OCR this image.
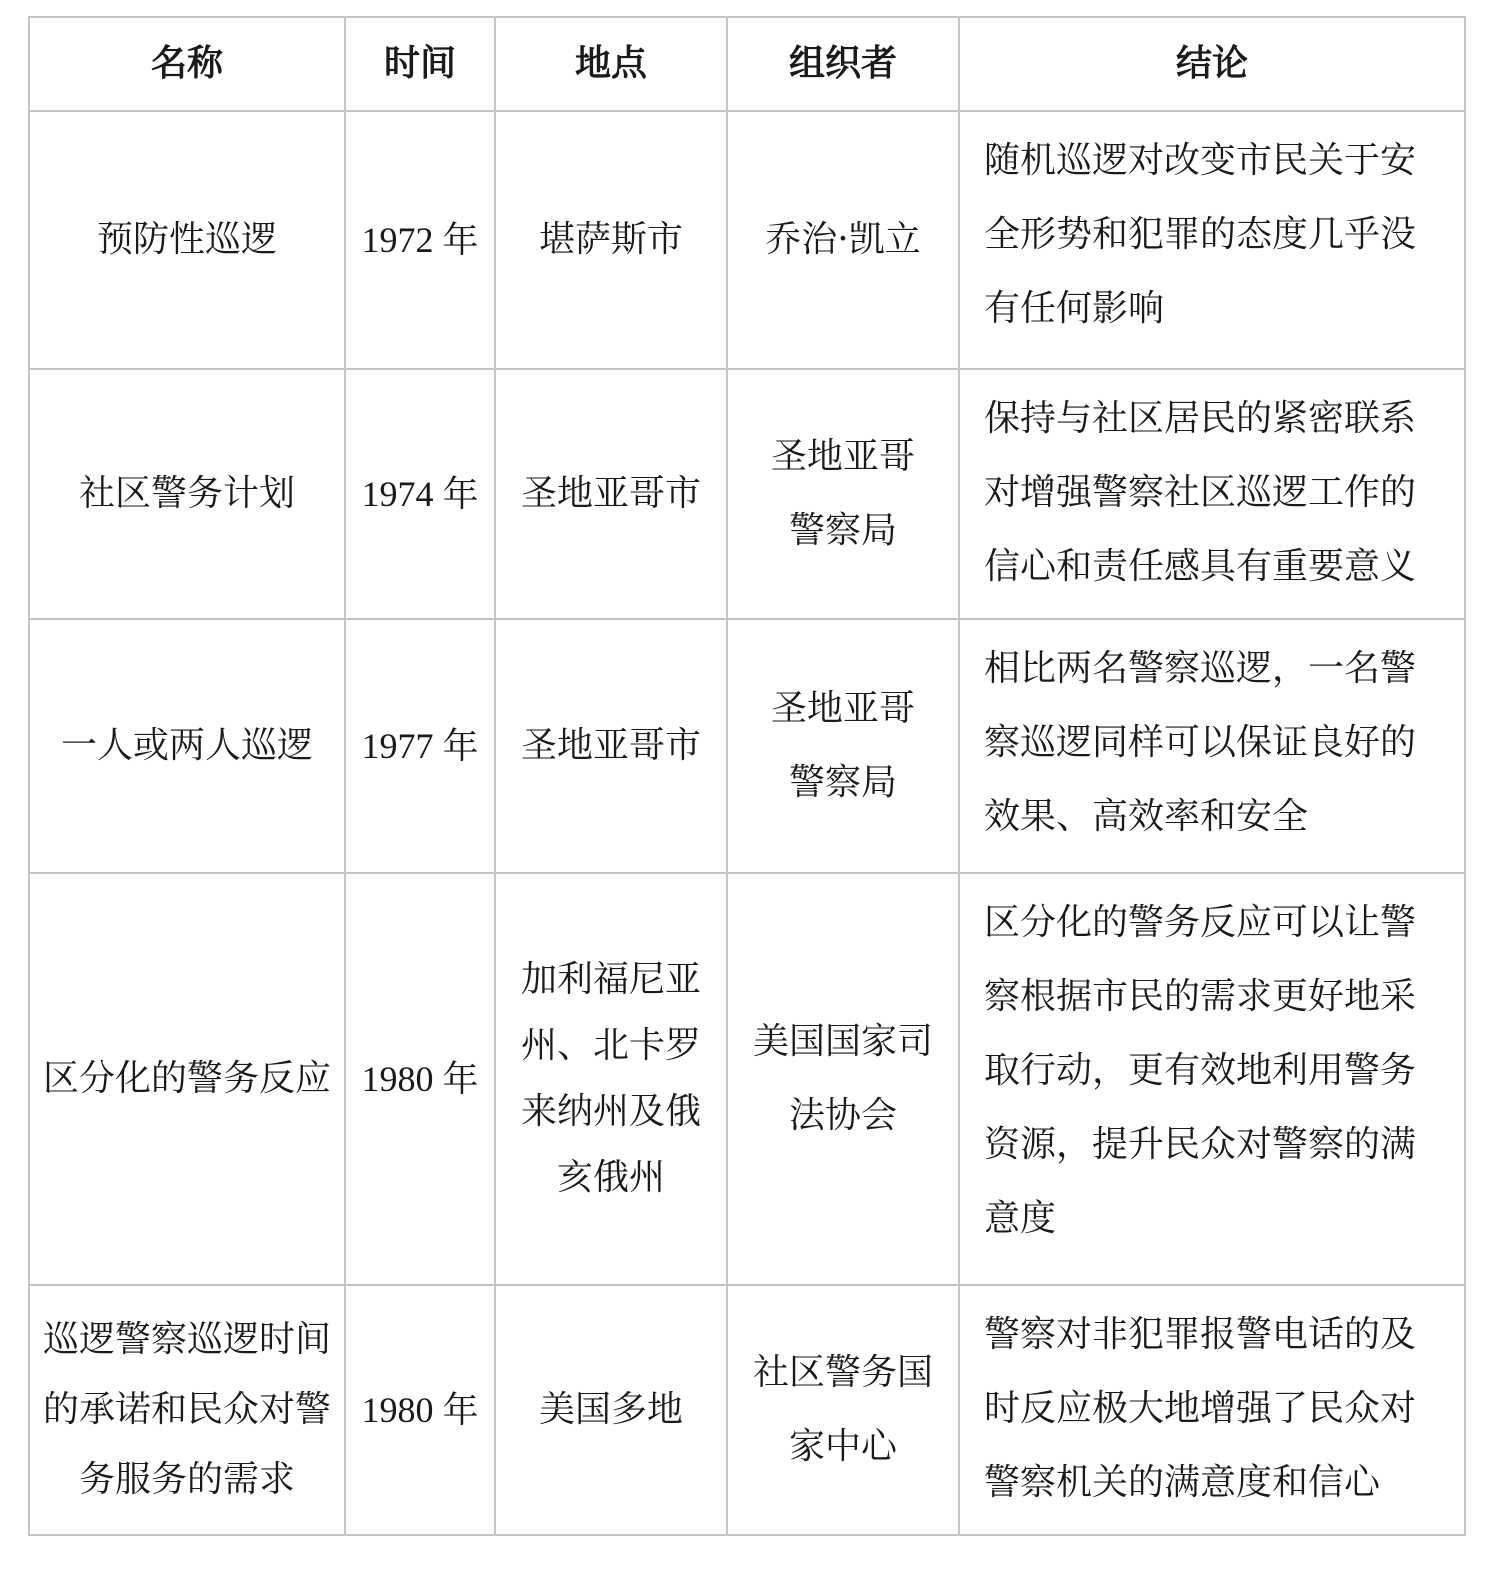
名称	时间	地点	组织者	结论
预防性巡逻	1972 年	堪萨斯市	乔治·凯立	随机巡逻对改变市民关于安全形势和犯罪的态度几乎没有任何影响
社区警务计划	1974 年	圣地亚哥市	圣地亚哥警察局	保持与社区居民的紧密联系对增强警察社区巡逻工作的信心和责任感具有重要意义
一人或两人巡逻	1977 年	圣地亚哥市	圣地亚哥警察局	相比两名警察巡逻，一名警察巡逻同样可以保证良好的效果、高效率和安全
区分化的警务反应	1980 年	加利福尼亚州、北卡罗来纳州及俄亥俄州	美国国家司法协会	区分化的警务反应可以让警察根据市民的需求更好地采取行动，更有效地利用警务资源，提升民众对警察的满意度
巡逻警察巡逻时间的承诺和民众对警务服务的需求	1980 年	美国多地	社区警务国家中心	警察对非犯罪报警电话的及时反应极大地增强了民众对警察机关的满意度和信心
